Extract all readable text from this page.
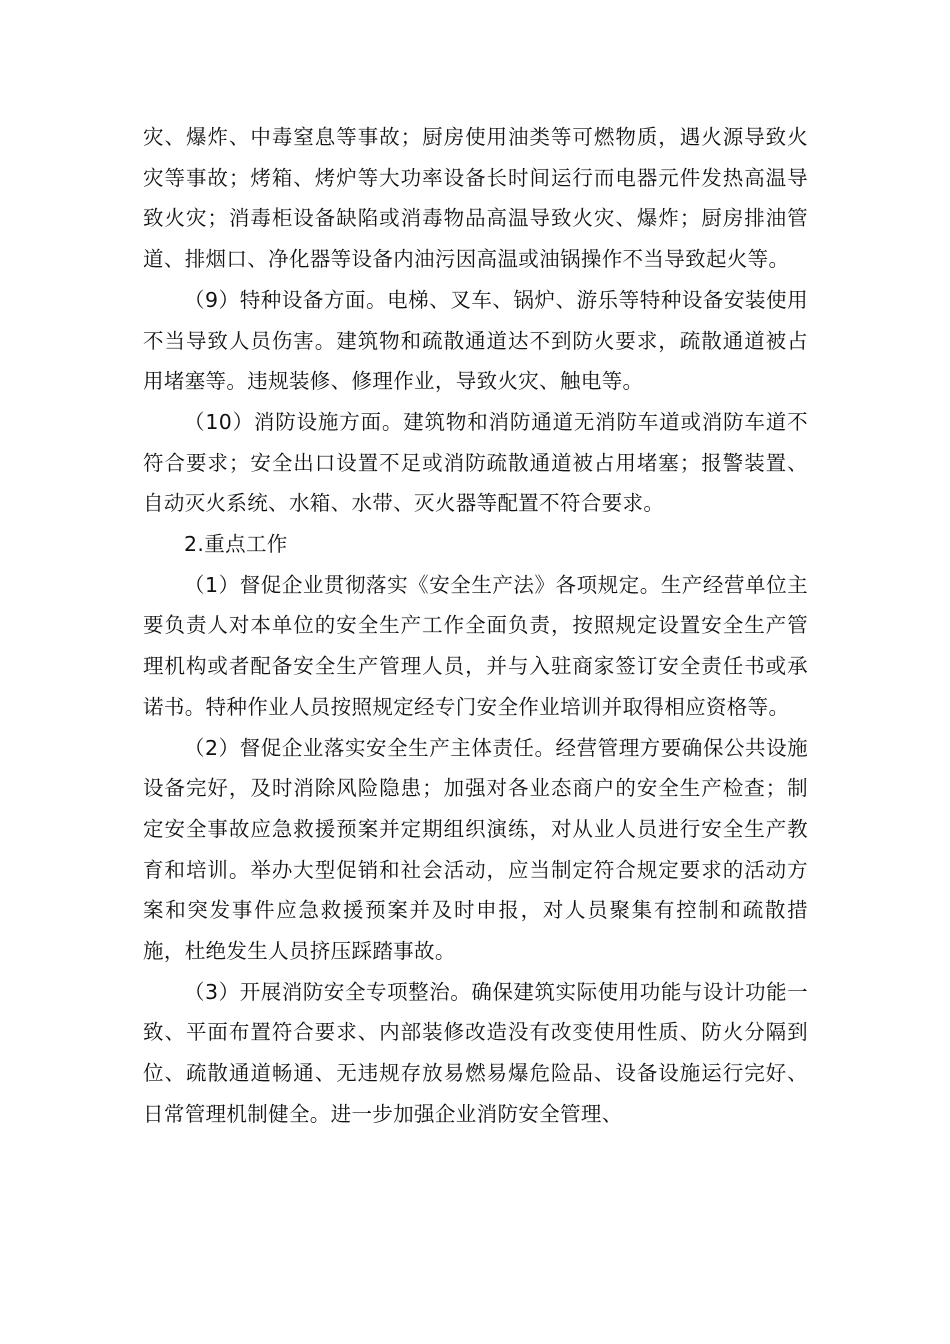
灾、爆炸、中毒窒息等事故；厨房使用油类等可燃物质，遇火源导致火灾等事故；烤箱、烤炉等大功率设备长时间运行而电器元件发热高温导致火灾；消毒柜设备缺陷或消毒物品高温导致火灾、爆炸；厨房排油管道、排烟口、净化器等设备内油污因高温或油锅操作不当导致起火等。

（9）特种设备方面。电梯、叉车、锅炉、游乐等特种设备安装使用不当导致人员伤害。建筑物和疏散通道达不到防火要求，疏散通道被占用堵塞等。违规装修、修理作业，导致火灾、触电等。

（10）消防设施方面。建筑物和消防通道无消防车道或消防车道不符合要求；安全出口设置不足或消防疏散通道被占用堵塞；报警装置、自动灭火系统、水箱、水带、灭火器等配置不符合要求。

2.重点工作

（1）督促企业贯彻落实《安全生产法》各项规定。生产经营单位主要负责人对本单位的安全生产工作全面负责，按照规定设置安全生产管理机构或者配备安全生产管理人员，并与入驻商家签订安全责任书或承诺书。特种作业人员按照规定经专门安全作业培训并取得相应资格等。

（2）督促企业落实安全生产主体责任。经营管理方要确保公共设施设备完好，及时消除风险隐患；加强对各业态商户的安全生产检查；制定安全事故应急救援预案并定期组织演练，对从业人员进行安全生产教育和培训。举办大型促销和社会活动，应当制定符合规定要求的活动方案和突发事件应急救援预案并及时申报，对人员聚集有控制和疏散措施，杜绝发生人员挤压踩踏事故。

（3）开展消防安全专项整治。确保建筑实际使用功能与设计功能一致、平面布置符合要求、内部装修改造没有改变使用性质、防火分隔到位、疏散通道畅通、无违规存放易燃易爆危险品、设备设施运行完好、日常管理机制健全。进一步加强企业消防安全管理、
